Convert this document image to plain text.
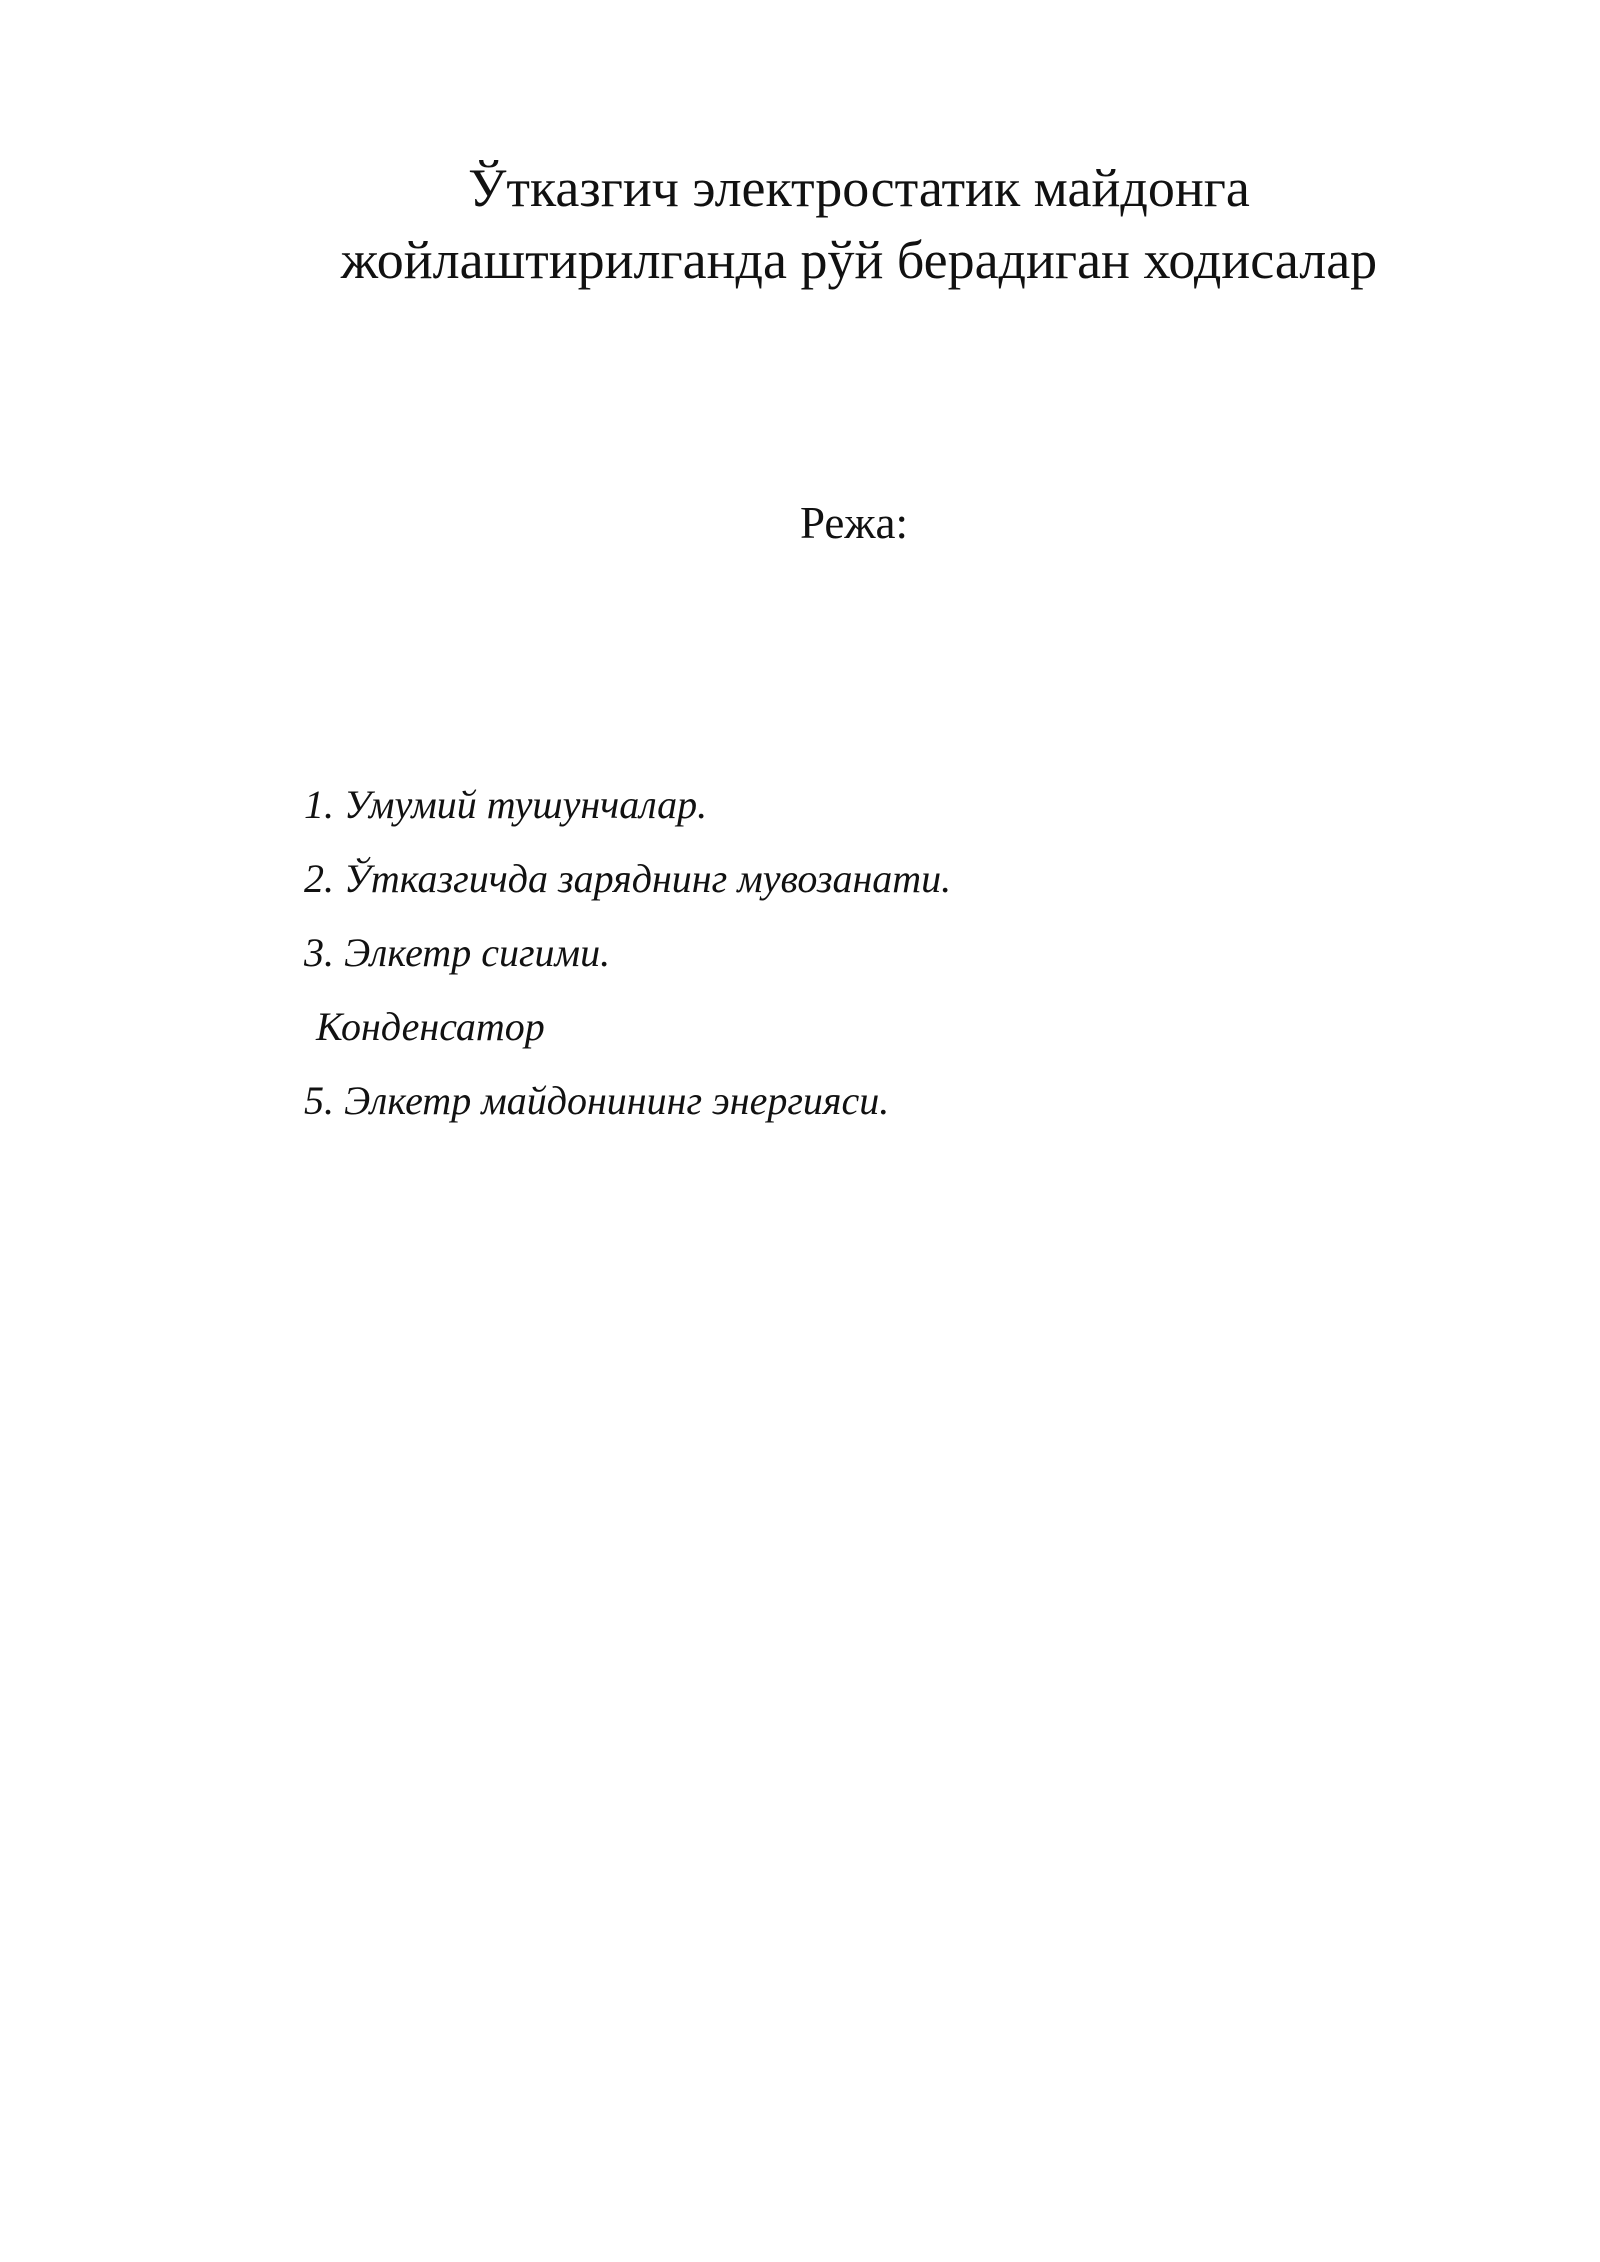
Ўтказгич электростатик майдонга
жойлаштирилганда рўй берадиган ходисалар

Режа:

1. Умумий тушунчалар.
2. Ўтказгичда заряднинг мувозанати.
3. Элкетр сигими.
Конденсатор
5. Элкетр майдонининг энергияси.
